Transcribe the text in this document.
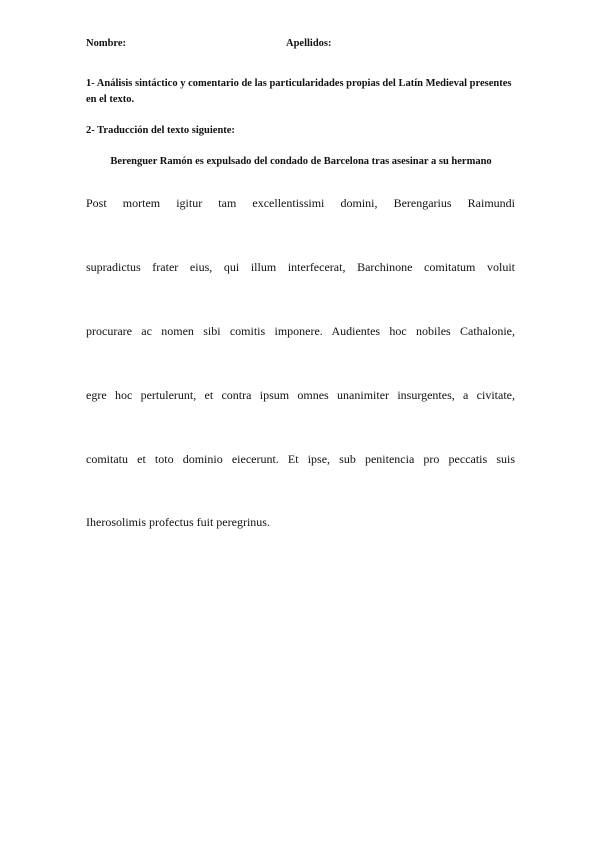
Nombre:	Apellidos:
1- Análisis sintáctico y comentario de las particularidades propias del Latín Medieval presentes en el texto.
2- Traducción del texto siguiente:
Berenguer Ramón es expulsado del condado de Barcelona tras asesinar a su hermano
Post mortem igitur tam excellentissimi domini, Berengarius Raimundi
supradictus frater eius, qui illum interfecerat, Barchinone comitatum voluit
procurare ac nomen sibi comitis imponere. Audientes hoc nobiles Cathalonie,
egre hoc pertulerunt, et contra ipsum omnes unanimiter insurgentes, a civitate,
comitatu et toto dominio eiecerunt. Et ipse, sub penitencia pro peccatis suis
Iherosolimis profectus fuit peregrinus.
